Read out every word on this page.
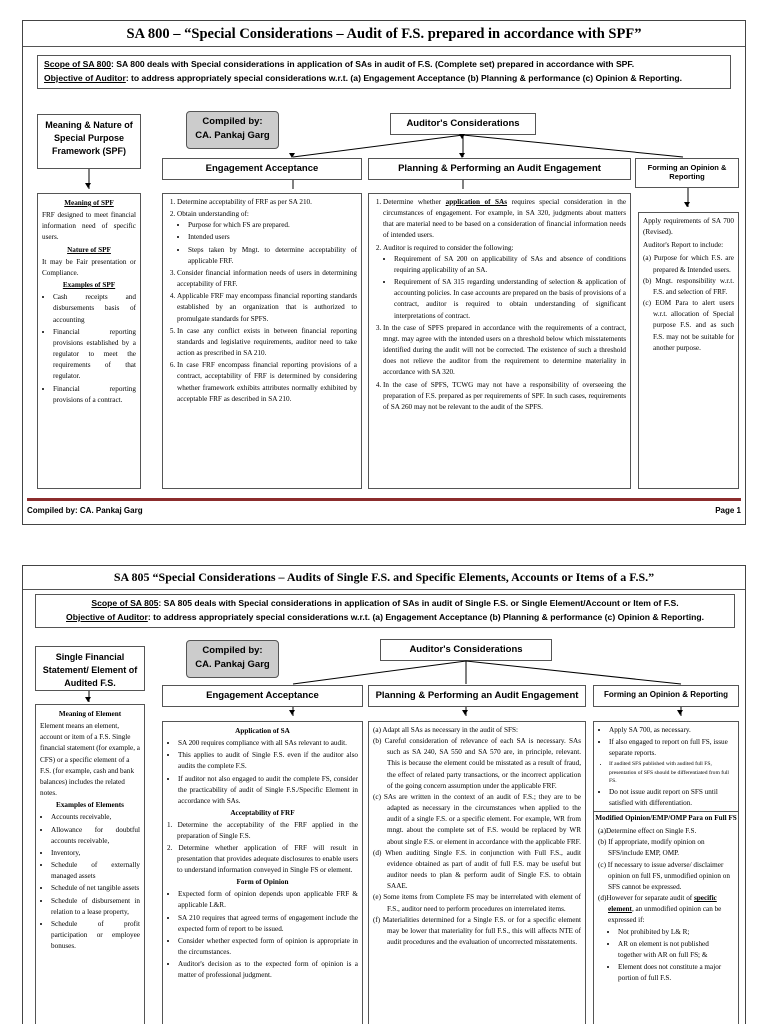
SA 800 – “Special Considerations – Audit of F.S. prepared in accordance with SPF”
Scope of SA 800: SA 800 deals with Special considerations in application of SAs in audit of F.S. (Complete set) prepared in accordance with SPF.
Objective of Auditor: to address appropriately special considerations w.r.t. (a) Engagement Acceptance (b) Planning & performance (c) Opinion & Reporting.
Meaning & Nature of Special Purpose Framework (SPF)
Compiled by:
CA. Pankaj Garg
Auditor's Considerations
Engagement Acceptance	Planning & Performing an Audit Engagement	Forming an Opinion & Reporting
Meaning of SPF
FRF designed to meet financial information need of specific users.
Nature of SPF
It may be Fair presentation or Compliance.
Examples of SPF
• Cash receipts and disbursements basis of accounting
• Financial reporting provisions established by a regulator to meet the requirements of that regulator.
• Financial reporting provisions of a contract.
1. Determine acceptability of FRF as per SA 210.
2. Obtain understanding of:
• Purpose for which FS are prepared.
• Intended users
• Steps taken by Mngt. to determine acceptability of applicable FRF.
3. Consider financial information needs of users in determining acceptability of FRF.
4. Applicable FRF may encompass financial reporting standards established by an organization that is authorized to promulgate standards for SPFS.
5. In case any conflict exists in between financial reporting standards and legislative requirements, auditor need to take action as prescribed in SA 210.
6. In case FRF encompass financial reporting provisions of a contract, acceptability of FRF is determined by considering whether framework exhibits attributes normally exhibited by acceptable FRF as described in SA 210.
1. Determine whether application of SAs requires special consideration in the circumstances of engagement. For example, in SA 320, judgments about matters that are material need to be based on a consideration of financial information needs of intended users.
2. Auditor is required to consider the following:
• Requirement of SA 200 on applicability of SAs and absence of conditions requiring applicability of an SA.
• Requirement of SA 315 regarding understanding of selection & application of accounting policies. In case accounts are prepared on the basis of provisions of a contract, auditor is required to obtain understanding of significant interpretations of contract.
3. In the case of SPFS prepared in accordance with the requirements of a contract, mngt. may agree with the intended users on a threshold below which misstatements identified during the audit will not be corrected. The existence of such a threshold does not relieve the auditor from the requirement to determine materiality in accordance with SA 320.
4. In the case of SPFS, TCWG may not have a responsibility of overseeing the preparation of F.S. prepared as per requirements of SPF. In such cases, requirements of SA 260 may not be relevant to the audit of the SPFS.
Apply requirements of SA 700 (Revised).
Auditor's Report to include:
(a) Purpose for which F.S. are prepared & Intended users.
(b) Mngt. responsibility w.r.t. F.S. and selection of FRF.
(c) EOM Para to alert users w.r.t. allocation of Special purpose F.S. and as such F.S. may not be suitable for another purpose.
Compiled by: CA. Pankaj Garg	Page 1
SA 805 “Special Considerations – Audits of Single F.S. and Specific Elements, Accounts or Items of a F.S.”
Scope of SA 805: SA 805 deals with Special considerations in application of SAs in audit of Single F.S. or Single Element/Account or Item of F.S.
Objective of Auditor: to address appropriately special considerations w.r.t. (a) Engagement Acceptance (b) Planning & performance (c) Opinion & Reporting.
Single Financial Statement/ Element of Audited F.S.
Compiled by:
CA. Pankaj Garg
Auditor's Considerations
Engagement Acceptance	Planning & Performing an Audit Engagement	Forming an Opinion & Reporting
Meaning of Element
Element means an element, account or item of a F.S. Single financial statement (for example, a CFS) or a specific element of a F.S. (for example, cash and bank balances) includes the related notes.
Examples of Elements
• Accounts receivable,
• Allowance for doubtful accounts receivable,
• Inventory,
• Schedule of externally managed assets
• Schedule of net tangible assets
• Schedule of disbursement in relation to a lease property,
• Schedule of profit participation or employee bonuses.
Application of SA
• SA 200 requires compliance with all SAs relevant to audit.
• This applies to audit of Single F.S. even if the auditor also audits the complete F.S.
• If auditor not also engaged to audit the complete FS, consider the practicability of audit of Single F.S./Specific Element in accordance with SAs.
Acceptability of FRF
1. Determine the acceptability of the FRF applied in the preparation of Single F.S.
2. Determine whether application of FRF will result in presentation that provides adequate disclosures to enable users to understand information conveyed in Single FS or element.
Form of Opinion
• Expected form of opinion depends upon applicable FRF & applicable L&R.
• SA 210 requires that agreed terms of engagement include the expected form of report to be issued.
• Consider whether expected form of opinion is appropriate in the circumstances.
• Auditor's decision as to the expected form of opinion is a matter of professional judgment.
(a) Adapt all SAs as necessary in the audit of SFS:
(b) Careful consideration of relevance of each SA is necessary. SAs such as SA 240, SA 550 and SA 570 are, in principle, relevant. This is because the element could be misstated as a result of fraud, the effect of related party transactions, or the incorrect application of the going concern assumption under the applicable FRF.
(c) SAs are written in the context of an audit of F.S.; they are to be adapted as necessary in the circumstances when applied to the audit of a single F.S. or a specific element. For example, WR from mngt. about the complete set of F.S. would be replaced by WR about single F.S. or element in accordance with the applicable FRF.
(d) When auditing Single F.S. in conjunction with Full F.S., audit evidence obtained as part of audit of full F.S. may be useful but auditor needs to plan & perform audit of Single F.S. to obtain SAAE.
(e) Some items from Complete FS may be interrelated with element of F.S., auditor need to perform procedures on interrelated items.
(f) Materialities determined for a Single F.S. or for a specific element may be lower that materiality for full F.S., this will affects NTE of audit procedures and the evaluation of uncorrected misstatements.
• Apply SA 700, as necessary.
• If also engaged to report on full FS, issue separate reports.
• If audited SFS published with audited full FS, presentation of SFS should be differentiated from full FS.
• Do not issue audit report on SFS until satisfied with differentiation.
Modified Opinion/EMP/OMP Para on Full FS
(a)Determine effect on Single F.S.
(b) If appropriate, modify opinion on SFS/include EMP, OMP.
(c) If necessary to issue adverse/ disclaimer opinion on full FS, unmodified opinion on SFS cannot be expressed.
(d)However for separate audit of specific element, an unmodified opinion can be expressed if:
• Not prohibited by L& R;
• AR on element is not published together with AR on full FS; &
• Element does not constitute a major portion of full F.S.
